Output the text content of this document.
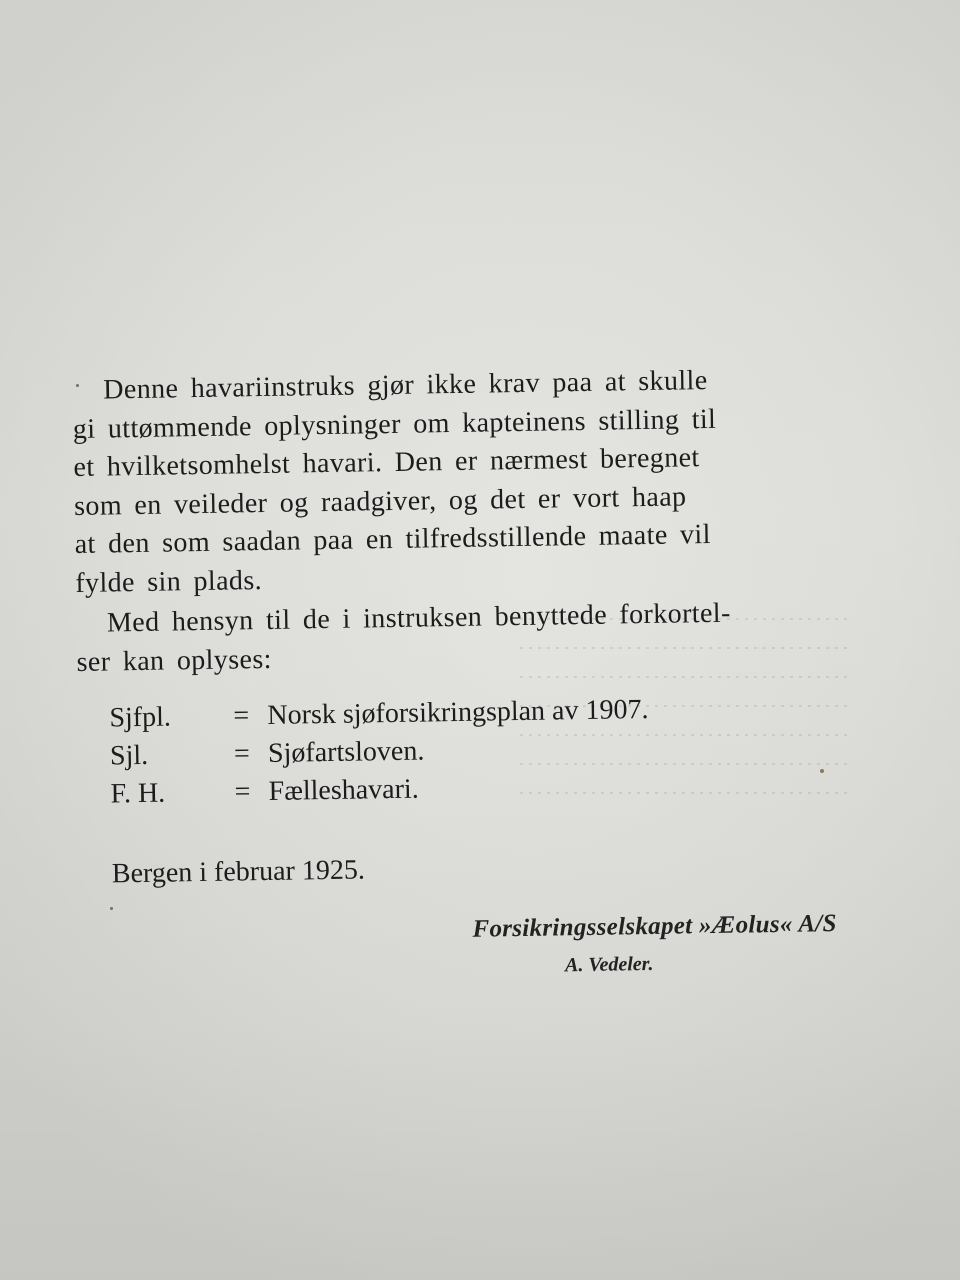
Denne havariinstruks gjør ikke krav paa at skulle
gi uttømmende oplysninger om kapteinens stilling til
et hvilketsomhelst havari. Den er nærmest beregnet
som en veileder og raadgiver, og det er vort haap
at den som saadan paa en tilfredsstillende maate vil
fylde sin plads.

Med hensyn til de i instruksen benyttede forkortel-
ser kan oplyses:

Sjfpl.	= Norsk sjøforsikringsplan av 1907.
Sjl.	= Sjøfartsloven.
F. H.	= Fælleshavari.
Bergen i februar 1925.
Forsikringsselskapet »Æolus« A/S
A. Vedeler.
